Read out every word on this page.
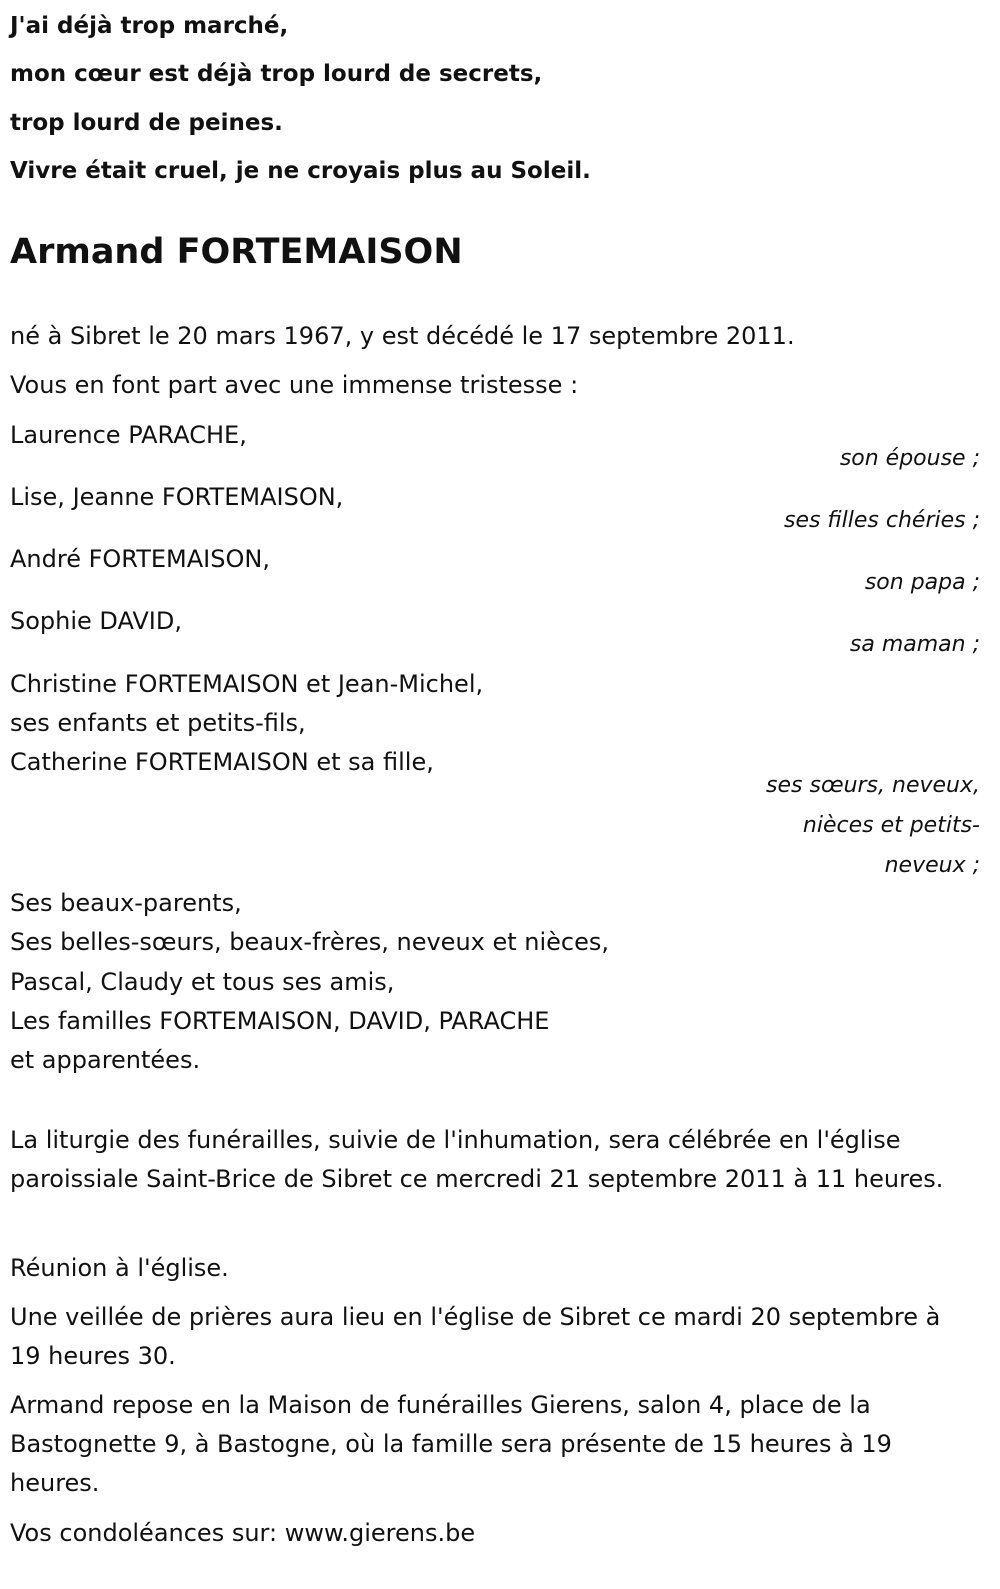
J'ai déjà trop marché,
mon cœur est déjà trop lourd de secrets,
trop lourd de peines.
Vivre était cruel, je ne croyais plus au Soleil.
Armand FORTEMAISON
né à Sibret le 20 mars 1967, y est décédé le 17 septembre 2011.
Vous en font part avec une immense tristesse :
Laurence PARACHE,
son épouse ;
Lise, Jeanne FORTEMAISON,
ses filles chéries ;
André FORTEMAISON,
son papa ;
Sophie DAVID,
sa maman ;
Christine FORTEMAISON et Jean-Michel,
ses enfants et petits-fils,
Catherine FORTEMAISON et sa fille,
ses sœurs, neveux,
nièces et petits-
neveux ;
Ses beaux-parents,
Ses belles-sœurs, beaux-frères, neveux et nièces,
Pascal, Claudy et tous ses amis,
Les familles FORTEMAISON, DAVID, PARACHE
et apparentées.
La liturgie des funérailles, suivie de l'inhumation, sera célébrée en l'église paroissiale Saint-Brice de Sibret ce mercredi 21 septembre 2011 à 11 heures.
Réunion à l'église.
Une veillée de prières aura lieu en l'église de Sibret ce mardi 20 septembre à 19 heures 30.
Armand repose en la Maison de funérailles Gierens, salon 4, place de la Bastognette 9, à Bastogne, où la famille sera présente de 15 heures à 19 heures.
Vos condoléances sur: www.gierens.be
